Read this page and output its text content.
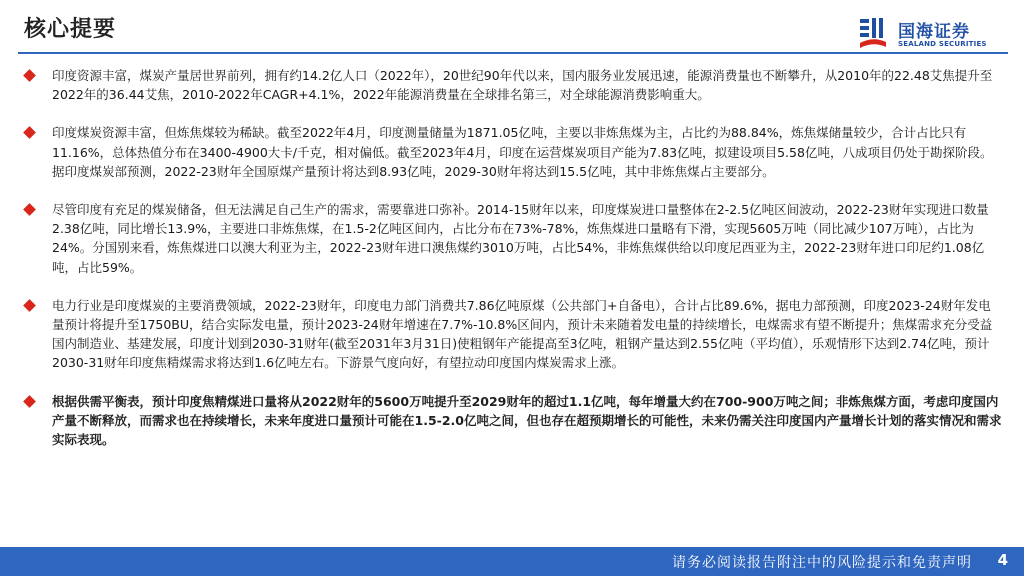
核心提要	国海证券
SEALAND SECURITIES

印度资源丰富，煤炭产量居世界前列，拥有约14.2亿人口（2022年），20世纪90年代以来，国内服务业发展迅速，能源消费量也不断攀升，从2010年的22.48艾焦提升至2022年的36.44艾焦，2010-2022年CAGR+4.1%，2022年能源消费量在全球排名第三，对全球能源消费影响重大。

印度煤炭资源丰富，但炼焦煤较为稀缺。截至2022年4月，印度测量储量为1871.05亿吨，主要以非炼焦煤为主，占比约为88.84%，炼焦煤储量较少，合计占比只有11.16%，总体热值分布在3400-4900大卡/千克，相对偏低。截至2023年4月，印度在运营煤炭项目产能为7.83亿吨，拟建设项目5.58亿吨，八成项目仍处于勘探阶段。据印度煤炭部预测，2022-23财年全国原煤产量预计将达到8.93亿吨，2029-30财年将达到15.5亿吨，其中非炼焦煤占主要部分。

尽管印度有充足的煤炭储备，但无法满足自己生产的需求，需要靠进口弥补。2014-15财年以来，印度煤炭进口量整体在2-2.5亿吨区间波动，2022-23财年实现进口数量2.38亿吨，同比增长13.9%，主要进口非炼焦煤，在1.5-2亿吨区间内，占比分布在73%-78%，炼焦煤进口量略有下滑，实现5605万吨（同比减少107万吨），占比为24%。分国别来看，炼焦煤进口以澳大利亚为主，2022-23财年进口澳焦煤约3010万吨，占比54%，非炼焦煤供给以印度尼西亚为主，2022-23财年进口印尼约1.08亿吨，占比59%。

电力行业是印度煤炭的主要消费领域，2022-23财年，印度电力部门消费共7.86亿吨原煤（公共部门+自备电），合计占比89.6%，据电力部预测，印度2023-24财年发电量预计将提升至1750BU，结合实际发电量，预计2023-24财年增速在7.7%-10.8%区间内，预计未来随着发电量的持续增长，电煤需求有望不断提升；焦煤需求充分受益国内制造业、基建发展，印度计划到2030-31财年(截至2031年3月31日)使粗钢年产能提高至3亿吨，粗钢产量达到2.55亿吨（平均值），乐观情形下达到2.74亿吨，预计2030-31财年印度焦精煤需求将达到1.6亿吨左右。下游景气度向好，有望拉动印度国内煤炭需求上涨。

根据供需平衡表，预计印度焦精煤进口量将从2022财年的5600万吨提升至2029财年的超过1.1亿吨，每年增量大约在700-900万吨之间；非炼焦煤方面，考虑印度国内产量不断释放，而需求也在持续增长，未来年度进口量预计可能在1.5-2.0亿吨之间，但也存在超预期增长的可能性，未来仍需关注印度国内产量增长计划的落实情况和需求实际表现。

请务必阅读报告附注中的风险提示和免责声明 4
